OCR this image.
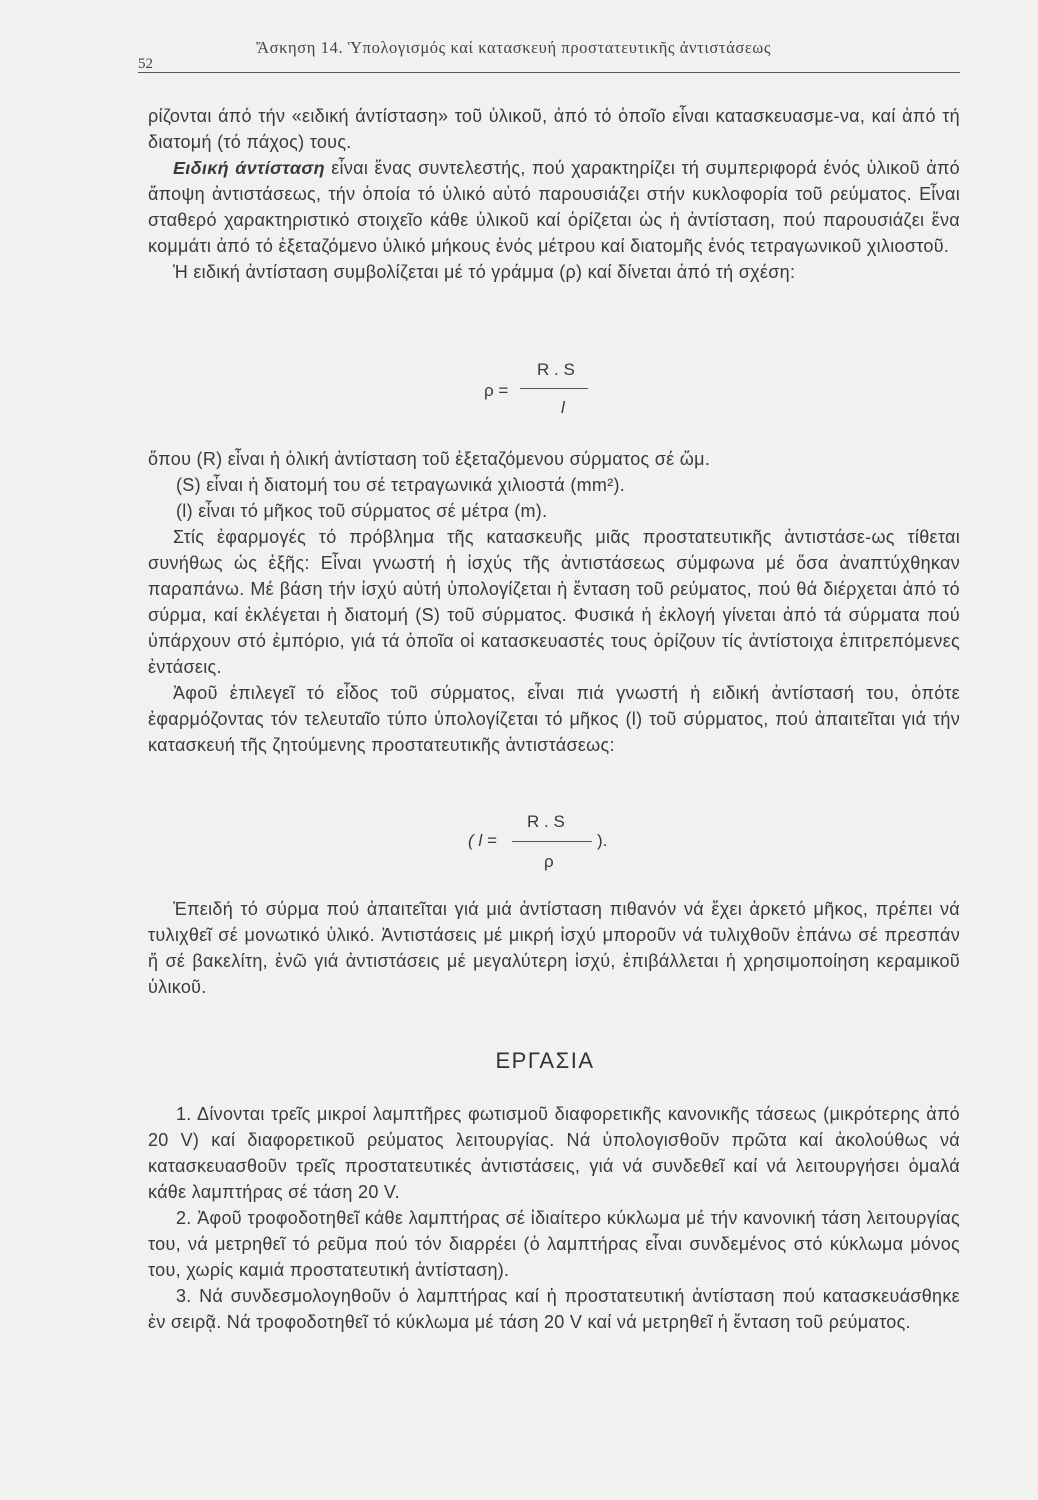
52
Ἄσκηση 14. Ὑπολογισμός καί κατασκευή προστατευτικῆς ἀντιστάσεως

ρίζονται άπό τήν «ειδική άντίσταση» τοῦ ὑλικοῦ, ἀπό τό ὁποῖο εἶναι κατασκευασμε-να, καί ἀπό τή διατομή (τό πάχος) τους.

Ειδική άντίσταση εἶναι ἕνας συντελεστής, πού χαρακτηρίζει τή συμπεριφορά ἑνός ὑλικοῦ ἀπό ἄποψη ἀντιστάσεως, τήν ὁποία τό ὑλικό αὐτό παρουσιάζει στήν κυκλοφορία τοῦ ρεύματος. Εἶναι σταθερό χαρακτηριστικό στοιχεῖο κάθε ὑλικοῦ καί ὁρίζεται ὡς ἡ ἀντίσταση, πού παρουσιάζει ἕνα κομμάτι ἀπό τό ἐξεταζόμενο ὑλικό μήκους ἑνός μέτρου καί διατομῆς ἑνός τετραγωνικοῦ χιλιοστοῦ.

Ἡ ειδική ἀντίσταση συμβολίζεται μέ τό γράμμα (ρ) καί δίνεται ἀπό τή σχέση:

ρ =
R . S
l

ὅπου (R) εἶναι ἡ ὁλική ἀντίσταση τοῦ ἐξεταζόμενου σύρματος σέ ὤμ.

(S) εἶναι ἡ διατομή του σέ τετραγωνικά χιλιοστά (mm²).

(l) εἶναι τό μῆκος τοῦ σύρματος σέ μέτρα (m).

Στίς ἐφαρμογές τό πρόβλημα τῆς κατασκευῆς μιᾶς προστατευτικῆς ἀντιστάσε-ως τίθεται συνήθως ὡς ἑξῆς: Εἶναι γνωστή ἡ ἰσχύς τῆς ἀντιστάσεως σύμφωνα μέ ὅσα ἀναπτύχθηκαν παραπάνω. Μέ βάση τήν ἰσχύ αὐτή ὑπολογίζεται ἡ ἔνταση τοῦ ρεύματος, πού θά διέρχεται ἀπό τό σύρμα, καί ἐκλέγεται ἡ διατομή (S) τοῦ σύρματος. Φυσικά ἡ ἐκλογή γίνεται ἀπό τά σύρματα πού ὑπάρχουν στό ἐμπόριο, γιά τά ὁποῖα οἱ κατασκευαστές τους ὁρίζουν τίς ἀντίστοιχα ἐπιτρεπόμενες ἐντάσεις.

Ἀφοῦ ἐπιλεγεῖ τό εἶδος τοῦ σύρματος, εἶναι πιά γνωστή ἡ ειδική ἀντίστασή του, ὁπότε ἐφαρμόζοντας τόν τελευταῖο τύπο ὑπολογίζεται τό μῆκος (l) τοῦ σύρματος, πού ἀπαιτεῖται γιά τήν κατασκευή τῆς ζητούμενης προστατευτικῆς ἀντιστάσεως:

( l =
R . S
ρ
).

Ἐπειδή τό σύρμα πού ἀπαιτεῖται γιά μιά ἀντίσταση πιθανόν νά ἔχει ἀρκετό μῆκος, πρέπει νά τυλιχθεῖ σέ μονωτικό ὑλικό. Ἀντιστάσεις μέ μικρή ἰσχύ μποροῦν νά τυλιχθοῦν ἐπάνω σέ πρεσπάν ἤ σέ βακελίτη, ἐνῶ γιά ἀντιστάσεις μέ μεγαλύτερη ἰσχύ, ἐπιβάλλεται ἡ χρησιμοποίηση κεραμικοῦ ὑλικοῦ.

ΕΡΓΑΣΙΑ

1. Δίνονται τρεῖς μικροί λαμπτῆρες φωτισμοῦ διαφορετικῆς κανονικῆς τάσεως (μικρότερης ἀπό 20 V) καί διαφορετικοῦ ρεύματος λειτουργίας. Νά ὑπολογισθοῦν πρῶτα καί ἀκολούθως νά κατασκευασθοῦν τρεῖς προστατευτικές ἀντιστάσεις, γιά νά συνδεθεῖ καί νά λειτουργήσει ὁμαλά κάθε λαμπτήρας σέ τάση 20 V.

2. Ἀφοῦ τροφοδοτηθεῖ κάθε λαμπτήρας σέ ἰδιαίτερο κύκλωμα μέ τήν κανονική τάση λειτουργίας του, νά μετρηθεῖ τό ρεῦμα πού τόν διαρρέει (ὁ λαμπτήρας εἶναι συνδεμένος στό κύκλωμα μόνος του, χωρίς καμιά προστατευτική ἀντίσταση).

3. Νά συνδεσμολογηθοῦν ὁ λαμπτήρας καί ἡ προστατευτική ἀντίσταση πού κατασκευάσθηκε ἐν σειρᾷ. Νά τροφοδοτηθεῖ τό κύκλωμα μέ τάση 20 V καί νά μετρηθεῖ ἡ ἔνταση τοῦ ρεύματος.
